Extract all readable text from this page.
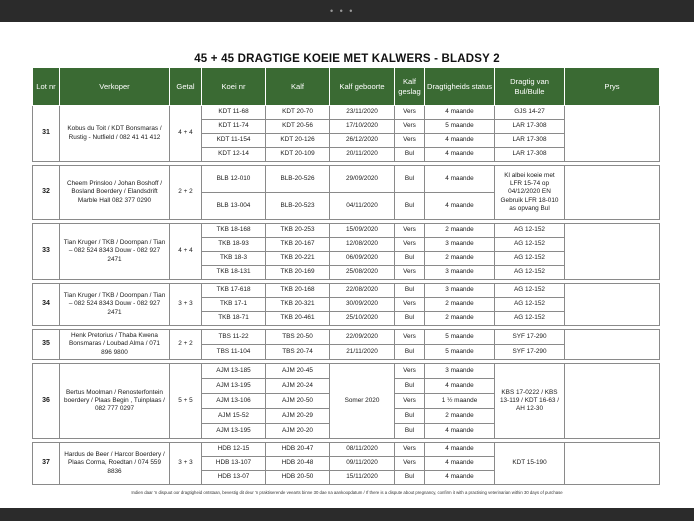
• • •
45 + 45 DRAGTIGE KOEIE MET KALWERS - BLADSY 2
Lot nr	Verkoper	Getal	Koei nr	Kalf	Kalf geboorte	Kalf geslag	Dragtigheids status	Dragtig van Bul/Bulle	Prys
31	Kobus du Toit / KDT Bonsmaras / Rustig - Nutfield / 082 41 41 412	4 + 4	KDT 11-68	KDT 20-70	23/11/2020	Vers	4 maande	GJS 14-27	
			KDT 11-74	KDT 20-56	17/10/2020	Vers	5 maande	LAR 17-308	
			KDT 11-154	KDT 20-126	26/12/2020	Vers	4 maande	LAR 17-308	
			KDT 12-14	KDT 20-109	20/11/2020	Bul	4 maande	LAR 17-308	

32	Cheem Prinsloo / Johan Boshoff / Bosland Boerdery / Elandsdrift Marble Hall 082 377 0290	2 + 2	BLB 12-010	BLB-20-526	29/09/2020	Bul	4 maande	Kl albei koeie met LFR 15-74 op 04/12/2020 EN Gebruik LFR 18-010 as opvang Bul	
			BLB 13-004	BLB-20-523	04/11/2020	Bul	4 maande		

33	Tian Kruger / TKB / Doornpan / Tian – 082 524 8343 Douw - 082 927 2471	4 + 4	TKB 18-168	TKB 20-253	15/09/2020	Vers	2 maande	AG 12-152	
			TKB 18-93	TKB 20-167	12/08/2020	Vers	3 maande	AG 12-152	
			TKB 18-3	TKB 20-221	06/09/2020	Bul	2 maande	AG 12-152	
			TKB 18-131	TKB 20-169	25/08/2020	Vers	3 maande	AG 12-152	

34	Tian Kruger / TKB / Doornpan / Tian – 082 524 8343 Douw - 082 927 2471	3 + 3	TKB 17-618	TKB 20-168	22/08/2020	Bul	3 maande	AG 12-152	
			TKB 17-1	TKB 20-321	30/09/2020	Vers	2 maande	AG 12-152	
			TKB 18-71	TKB 20-461	25/10/2020	Bul	2 maande	AG 12-152	

35	Henk Pretorius / Thaba Kwena Bonsmaras / Loubad Alma / 071 896 9800	2 + 2	TBS 11-22	TBS 20-50	22/09/2020	Vers	5 maande	SYF 17-290	
			TBS 11-104	TBS 20-74	21/11/2020	Bul	5 maande	SYF 17-290	

36	Bertus Moolman / Renosterfontein boerdery / Plaas Begin , Tuinplaas / 082 777 0297	5 + 5	AJM 13-185	AJM 20-45	Somer 2020	Vers	3 maande	KBS 17-0222 / KBS 13-119 / KDT 16-63 / AH 12-30	
			AJM 13-195	AJM 20-24		Bul	4 maande		
			AJM 13-106	AJM 20-50		Vers	1 ½ maande		
			AJM 15-52	AJM 20-29		Bul	2 maande		
			AJM 13-195	AJM 20-20		Bul	4 maande		

37	Hardus de Beer / Harcor Boerdery / Plaas Corma, Roedtan / 074 559 8836	3 + 3	HDB 12-15	HDB 20-47	08/11/2020	Vers	4 maande	KDT 15-190	
			HDB 13-107	HDB 20-48	09/11/2020	Vers	4 maande		
			HDB 13-07	HDB 20-50	15/11/2020	Bul	4 maande		
Indien daar 'n dispuut oor dragtigheid ontstaan, bevestig dit deur 'n praktiserende veearts binne 30 dae na aankoopdatum / If there is a dispute about pregnancy, confirm it with a practising veterinarian within 30 days of purchase
